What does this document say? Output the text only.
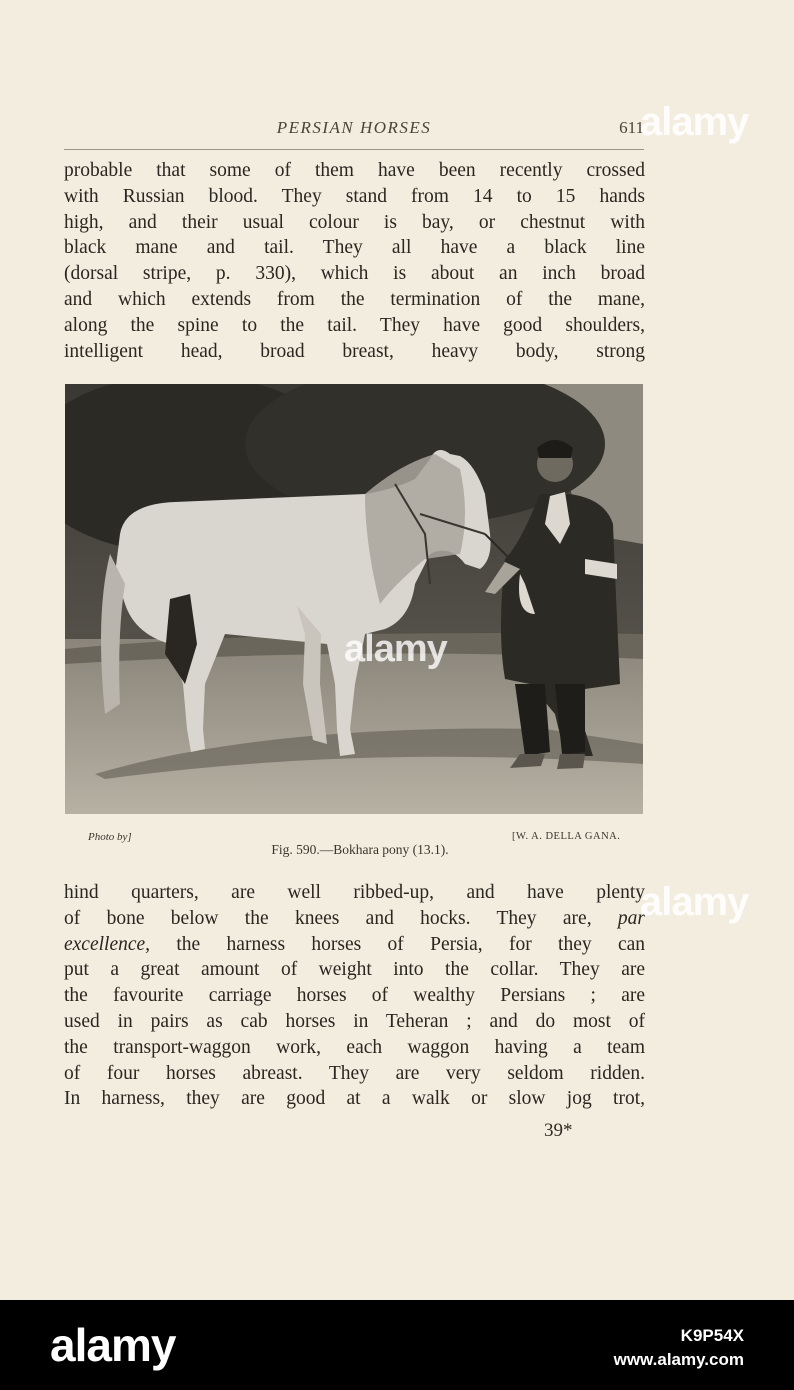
PERSIAN HORSES	611
probable that some of them have been recently crossed
with Russian blood. They stand from 14 to 15 hands
high, and their usual colour is bay, or chestnut with
black mane and tail. They all have a black line
(dorsal stripe, p. 330), which is about an inch broad
and which extends from the termination of the mane,
along the spine to the tail. They have good shoulders,
intelligent head, broad breast, heavy body, strong
Photo by]	[W. A. DELLA GANA.
Fig. 590.—Bokhara pony (13.1).
hind quarters, are well ribbed-up, and have plenty
of bone below the knees and hocks. They are, par
excellence, the harness horses of Persia, for they can
put a great amount of weight into the collar. They are
the favourite carriage horses of wealthy Persians ; are
used in pairs as cab horses in Teheran ; and do most of
the transport-waggon work, each waggon having a team
of four horses abreast. They are very seldom ridden.
In harness, they are good at a walk or slow jog trot,
39*
alamy
alamy
alamy
alamy	K9P54X
www.alamy.com
